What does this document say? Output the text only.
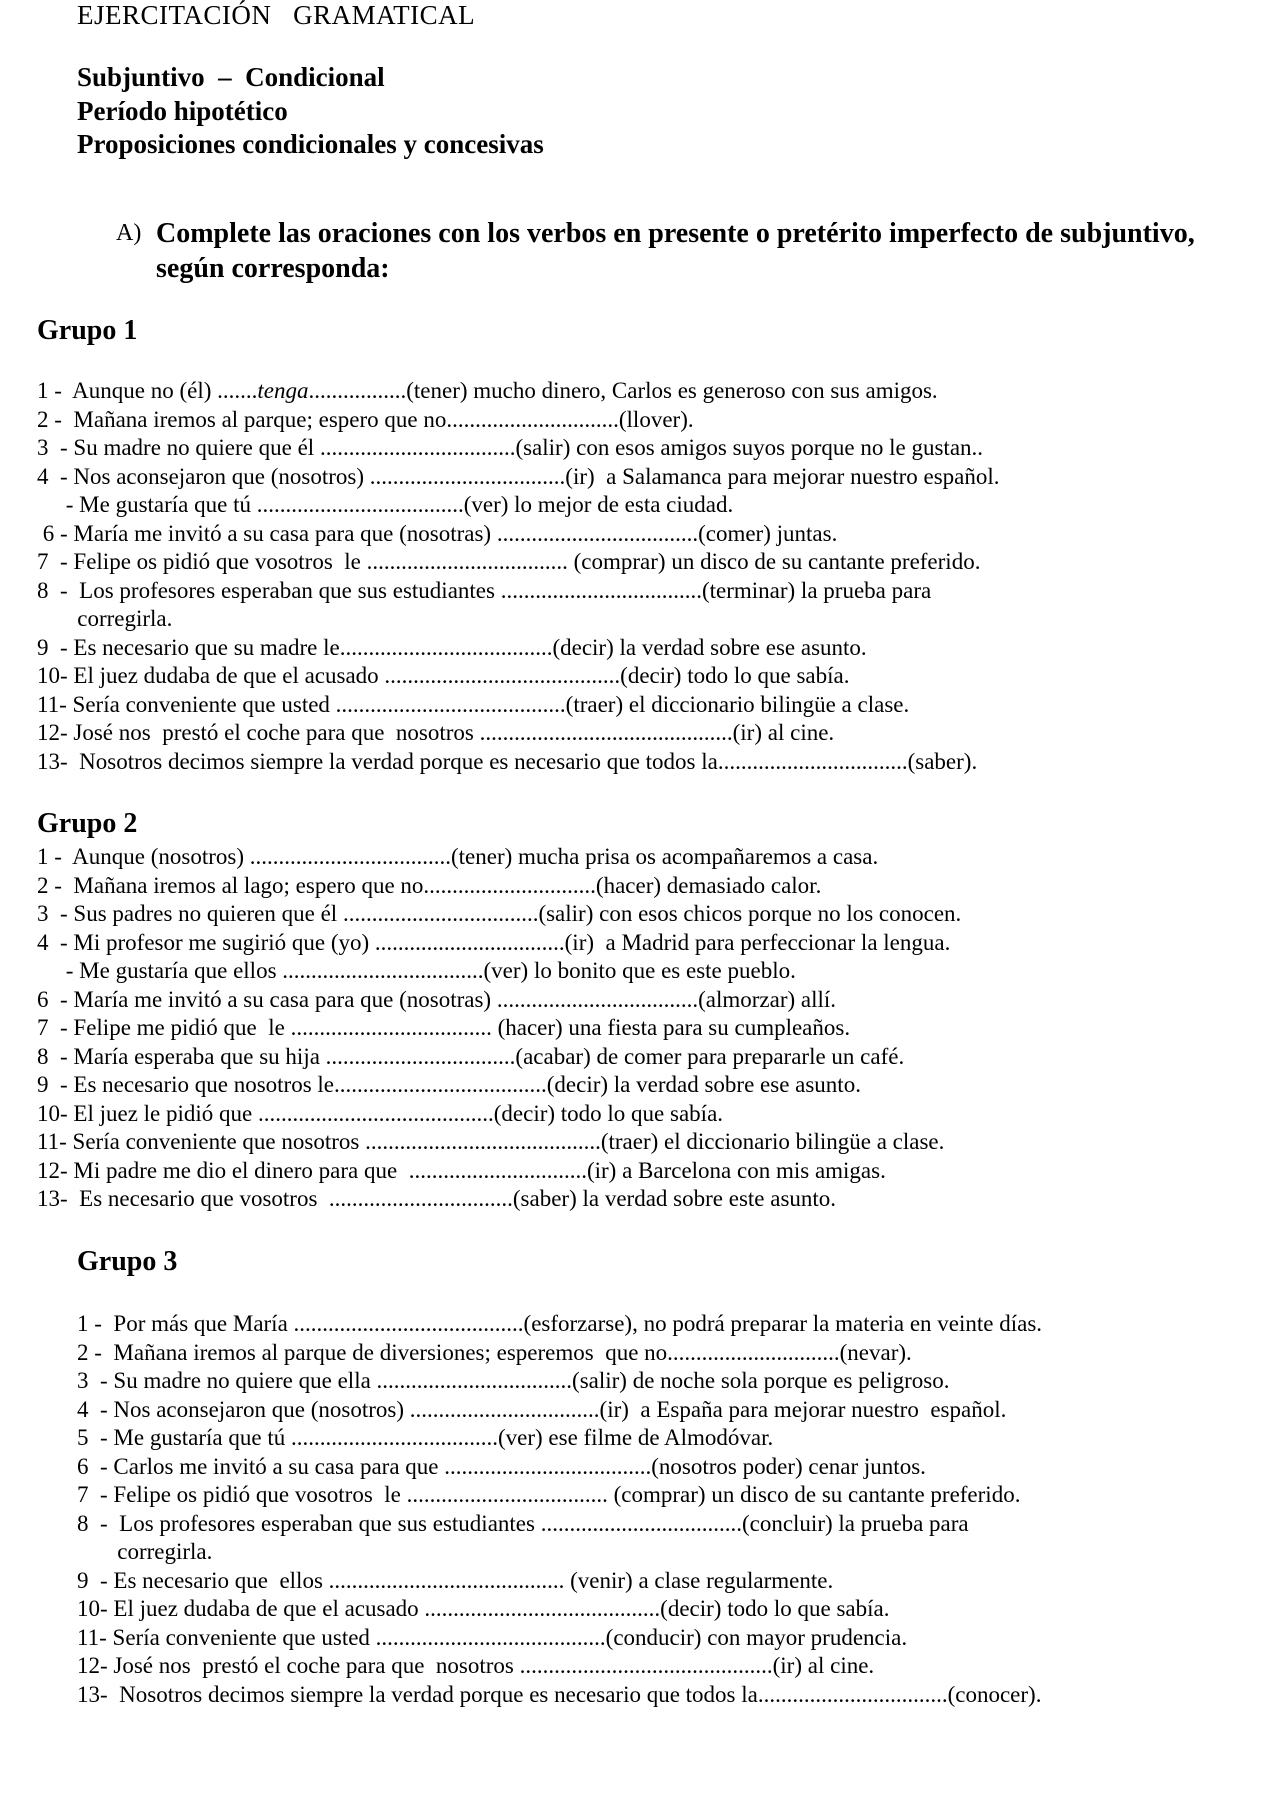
EJERCITACIÓN   GRAMATICAL
Subjuntivo  –  Condicional
Período hipotético
Proposiciones condicionales y concesivas
A) Complete las oraciones con los verbos en presente o pretérito imperfecto de subjuntivo, según corresponda:
Grupo 1
1 -  Aunque no (él) .......tenga.................(tener) mucho dinero, Carlos es generoso con sus amigos.
2 -  Mañana iremos al parque; espero que no..............................(llover).
3  - Su madre no quiere que él ..................................(salir) con esos amigos suyos porque no le gustan..
4  - Nos aconsejaron que (nosotros) ..................................(ir)  a Salamanca para mejorar nuestro español.
- Me gustaría que tú ....................................(ver) lo mejor de esta ciudad.
6 - María me invitó a su casa para que (nosotras) ...................................(comer) juntas.
7  - Felipe os pidió que vosotros  le ................................... (comprar) un disco de su cantante preferido.
8  -  Los profesores esperaban que sus estudiantes ...................................(terminar) la prueba para
corregirla.
9  - Es necesario que su madre le.....................................(decir) la verdad sobre ese asunto.
10- El juez dudaba de que el acusado .........................................(decir) todo lo que sabía.
11- Sería conveniente que usted ........................................(traer) el diccionario bilingüe a clase.
12- José nos  prestó el coche para que  nosotros ............................................(ir) al cine.
13-  Nosotros decimos siempre la verdad porque es necesario que todos la.................................(saber).
Grupo 2
1 -  Aunque (nosotros) ...................................(tener) mucha prisa os acompañaremos a casa.
2 -  Mañana iremos al lago; espero que no..............................(hacer) demasiado calor.
3  - Sus padres no quieren que él ..................................(salir) con esos chicos porque no los conocen.
4  - Mi profesor me sugirió que (yo) .................................(ir)  a Madrid para perfeccionar la lengua.
- Me gustaría que ellos ...................................(ver) lo bonito que es este pueblo.
6  - María me invitó a su casa para que (nosotras) ...................................(almorzar) allí.
7  - Felipe me pidió que  le ................................... (hacer) una fiesta para su cumpleaños.
8  - María esperaba que su hija .................................(acabar) de comer para prepararle un café.
9  - Es necesario que nosotros le.....................................(decir) la verdad sobre ese asunto.
10- El juez le pidió que .........................................(decir) todo lo que sabía.
11- Sería conveniente que nosotros .........................................(traer) el diccionario bilingüe a clase.
12- Mi padre me dio el dinero para que  ...............................(ir) a Barcelona con mis amigas.
13-  Es necesario que vosotros  ................................(saber) la verdad sobre este asunto.
Grupo 3
1 -  Por más que María ........................................(esforzarse), no podrá preparar la materia en veinte días.
2 -  Mañana iremos al parque de diversiones; esperemos  que no..............................(nevar).
3  - Su madre no quiere que ella ..................................(salir) de noche sola porque es peligroso.
4  - Nos aconsejaron que (nosotros) .................................(ir)  a España para mejorar nuestro  español.
5  - Me gustaría que tú ....................................(ver) ese filme de Almodóvar.
6  - Carlos me invitó a su casa para que ....................................(nosotros poder) cenar juntos.
7  - Felipe os pidió que vosotros  le ................................... (comprar) un disco de su cantante preferido.
8  -  Los profesores esperaban que sus estudiantes ...................................(concluir) la prueba para
corregirla.
9  - Es necesario que  ellos ......................................... (venir) a clase regularmente.
10- El juez dudaba de que el acusado .........................................(decir) todo lo que sabía.
11- Sería conveniente que usted ........................................(conducir) con mayor prudencia.
12- José nos  prestó el coche para que  nosotros ............................................(ir) al cine.
13-  Nosotros decimos siempre la verdad porque es necesario que todos la.................................(conocer).
